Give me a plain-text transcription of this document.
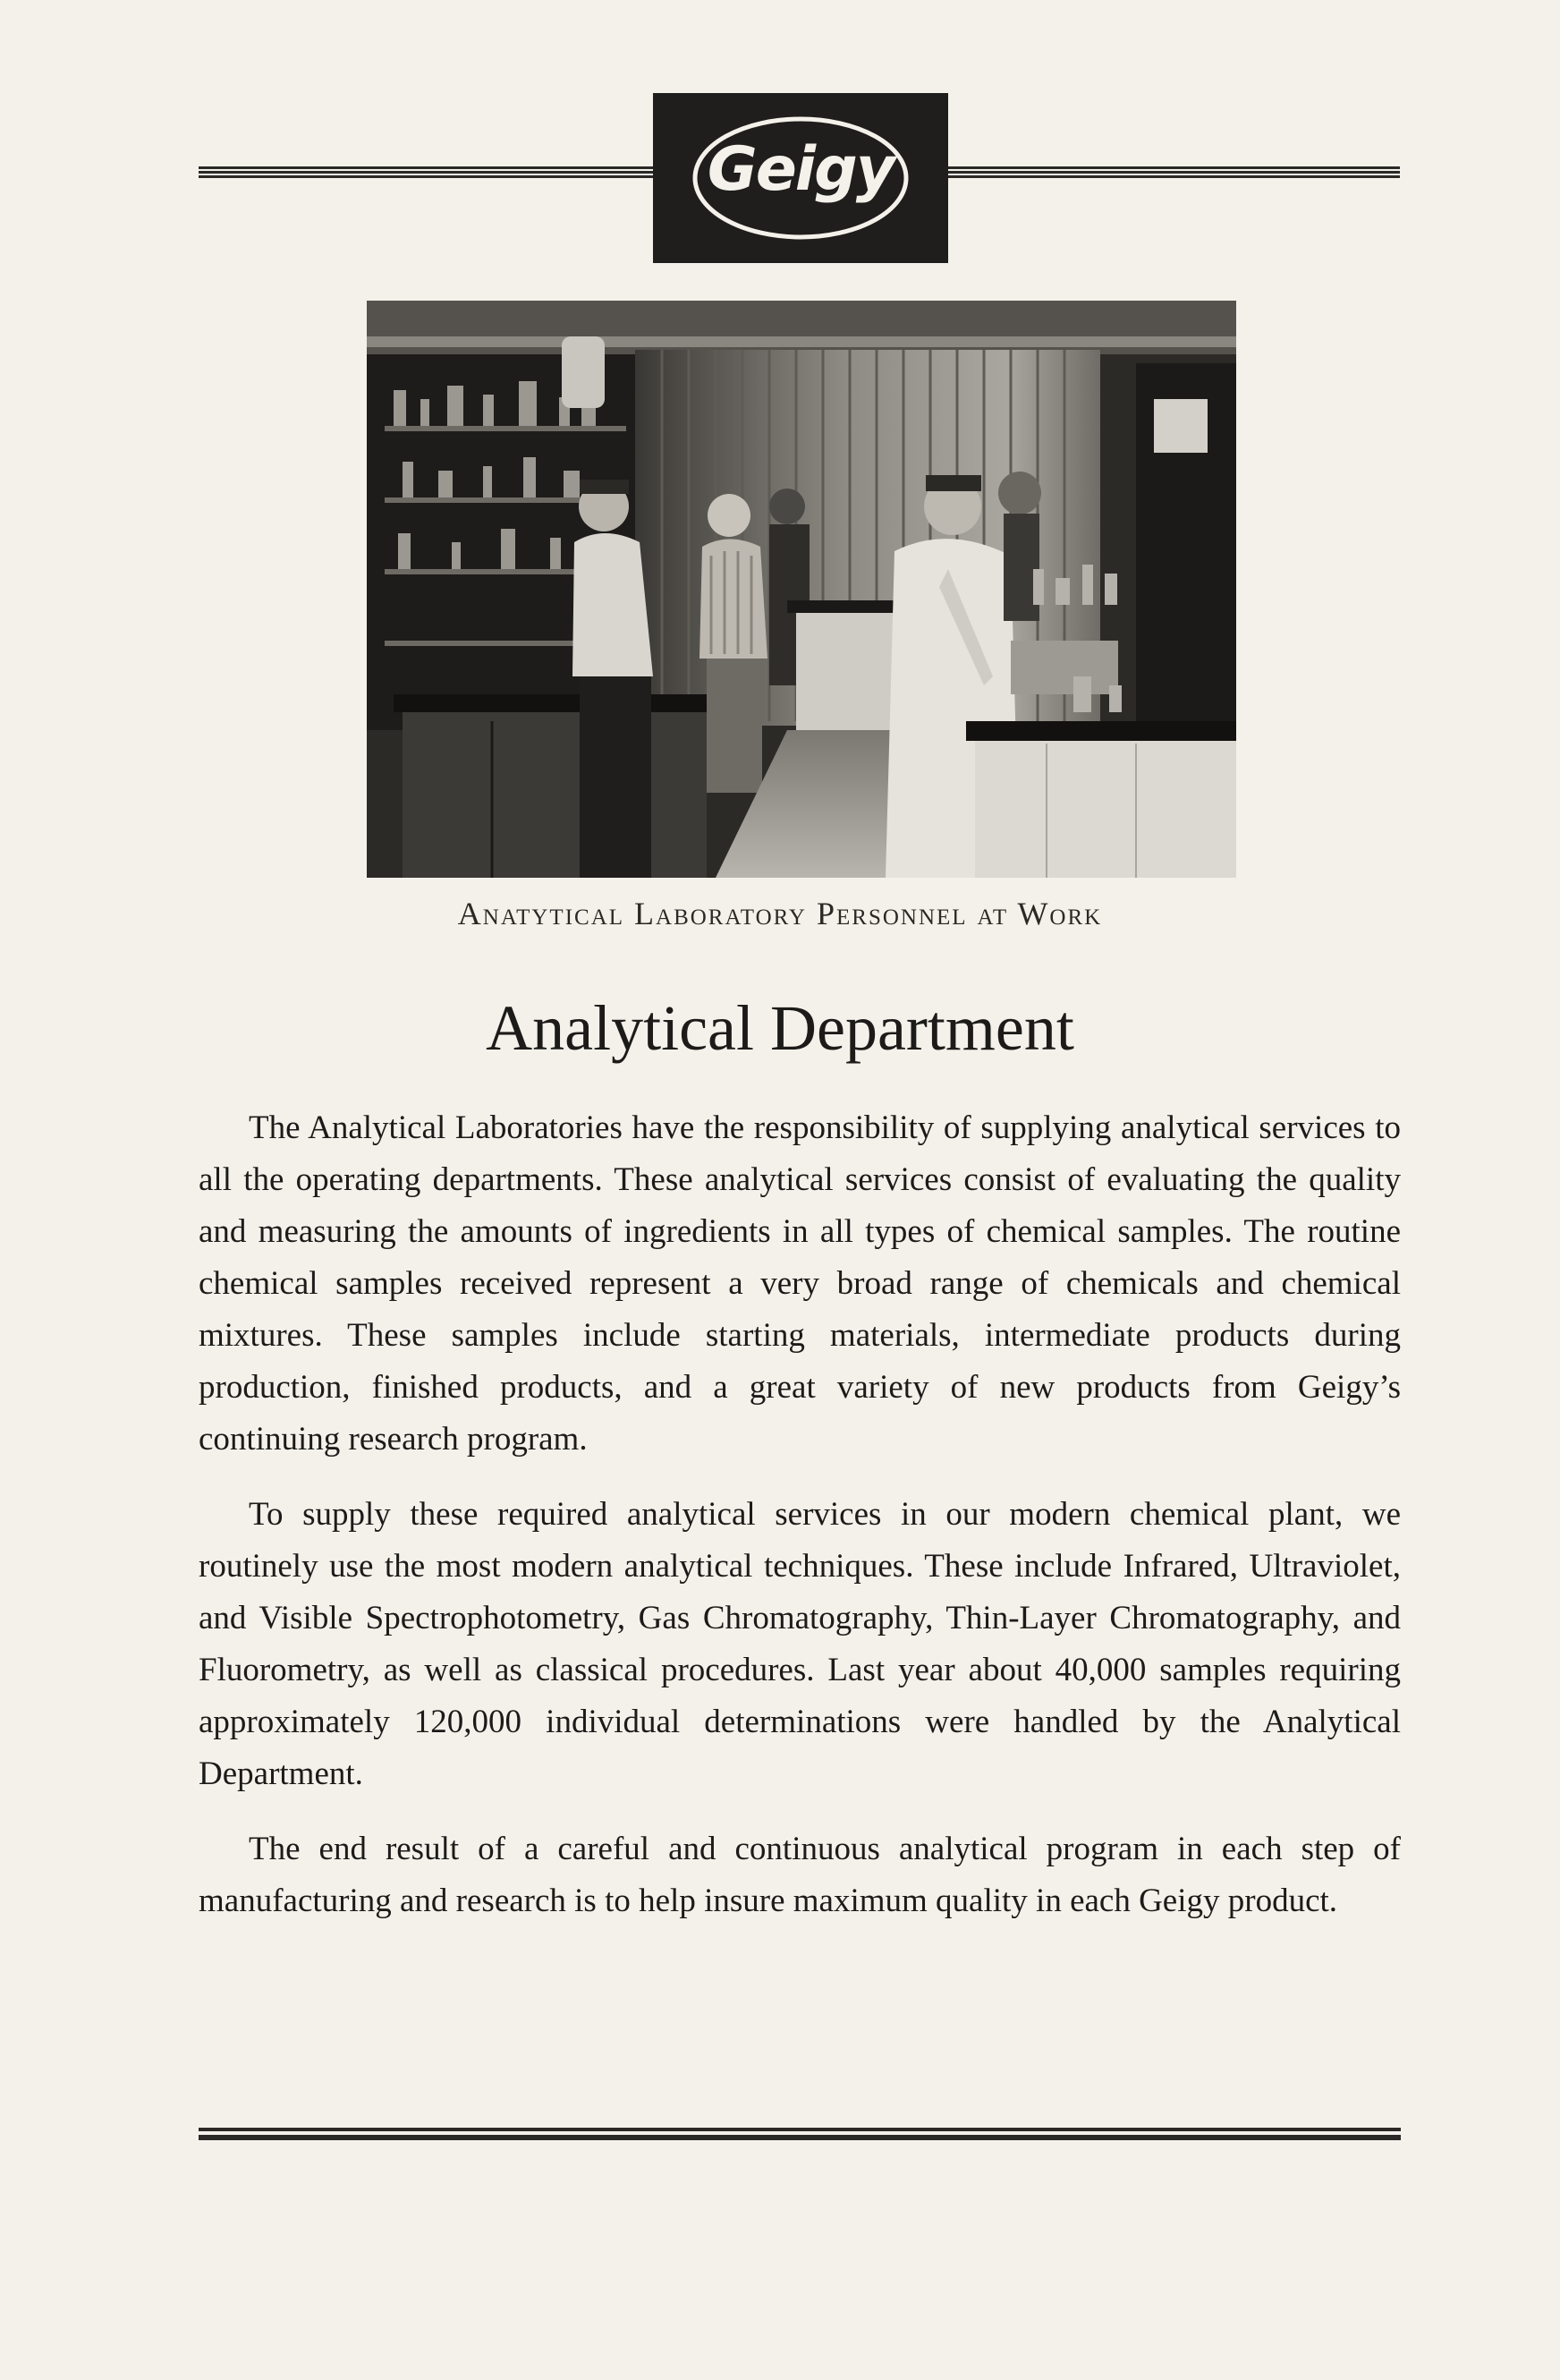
Geigy
Anatytical Laboratory Personnel at Work
Analytical Department

The Analytical Laboratories have the responsibility of supplying analytical services to all the operating departments. These analytical services consist of evaluating the quality and measuring the amounts of ingredients in all types of chemical samples. The routine chemical samples received represent a very broad range of chemicals and chemical mixtures. These samples include starting materials, intermediate products during production, finished products, and a great variety of new products from Geigy’s continuing research program.

To supply these required analytical services in our modern chemical plant, we routinely use the most modern analytical techniques. These include Infrared, Ultraviolet, and Visible Spectrophotometry, Gas Chromatography, Thin-Layer Chromatography, and Fluorometry, as well as classical procedures. Last year about 40,000 samples requiring approximately 120,000 individual determinations were handled by the Analytical Department.

The end result of a careful and continuous analytical program in each step of manufacturing and research is to help insure maximum quality in each Geigy product.
